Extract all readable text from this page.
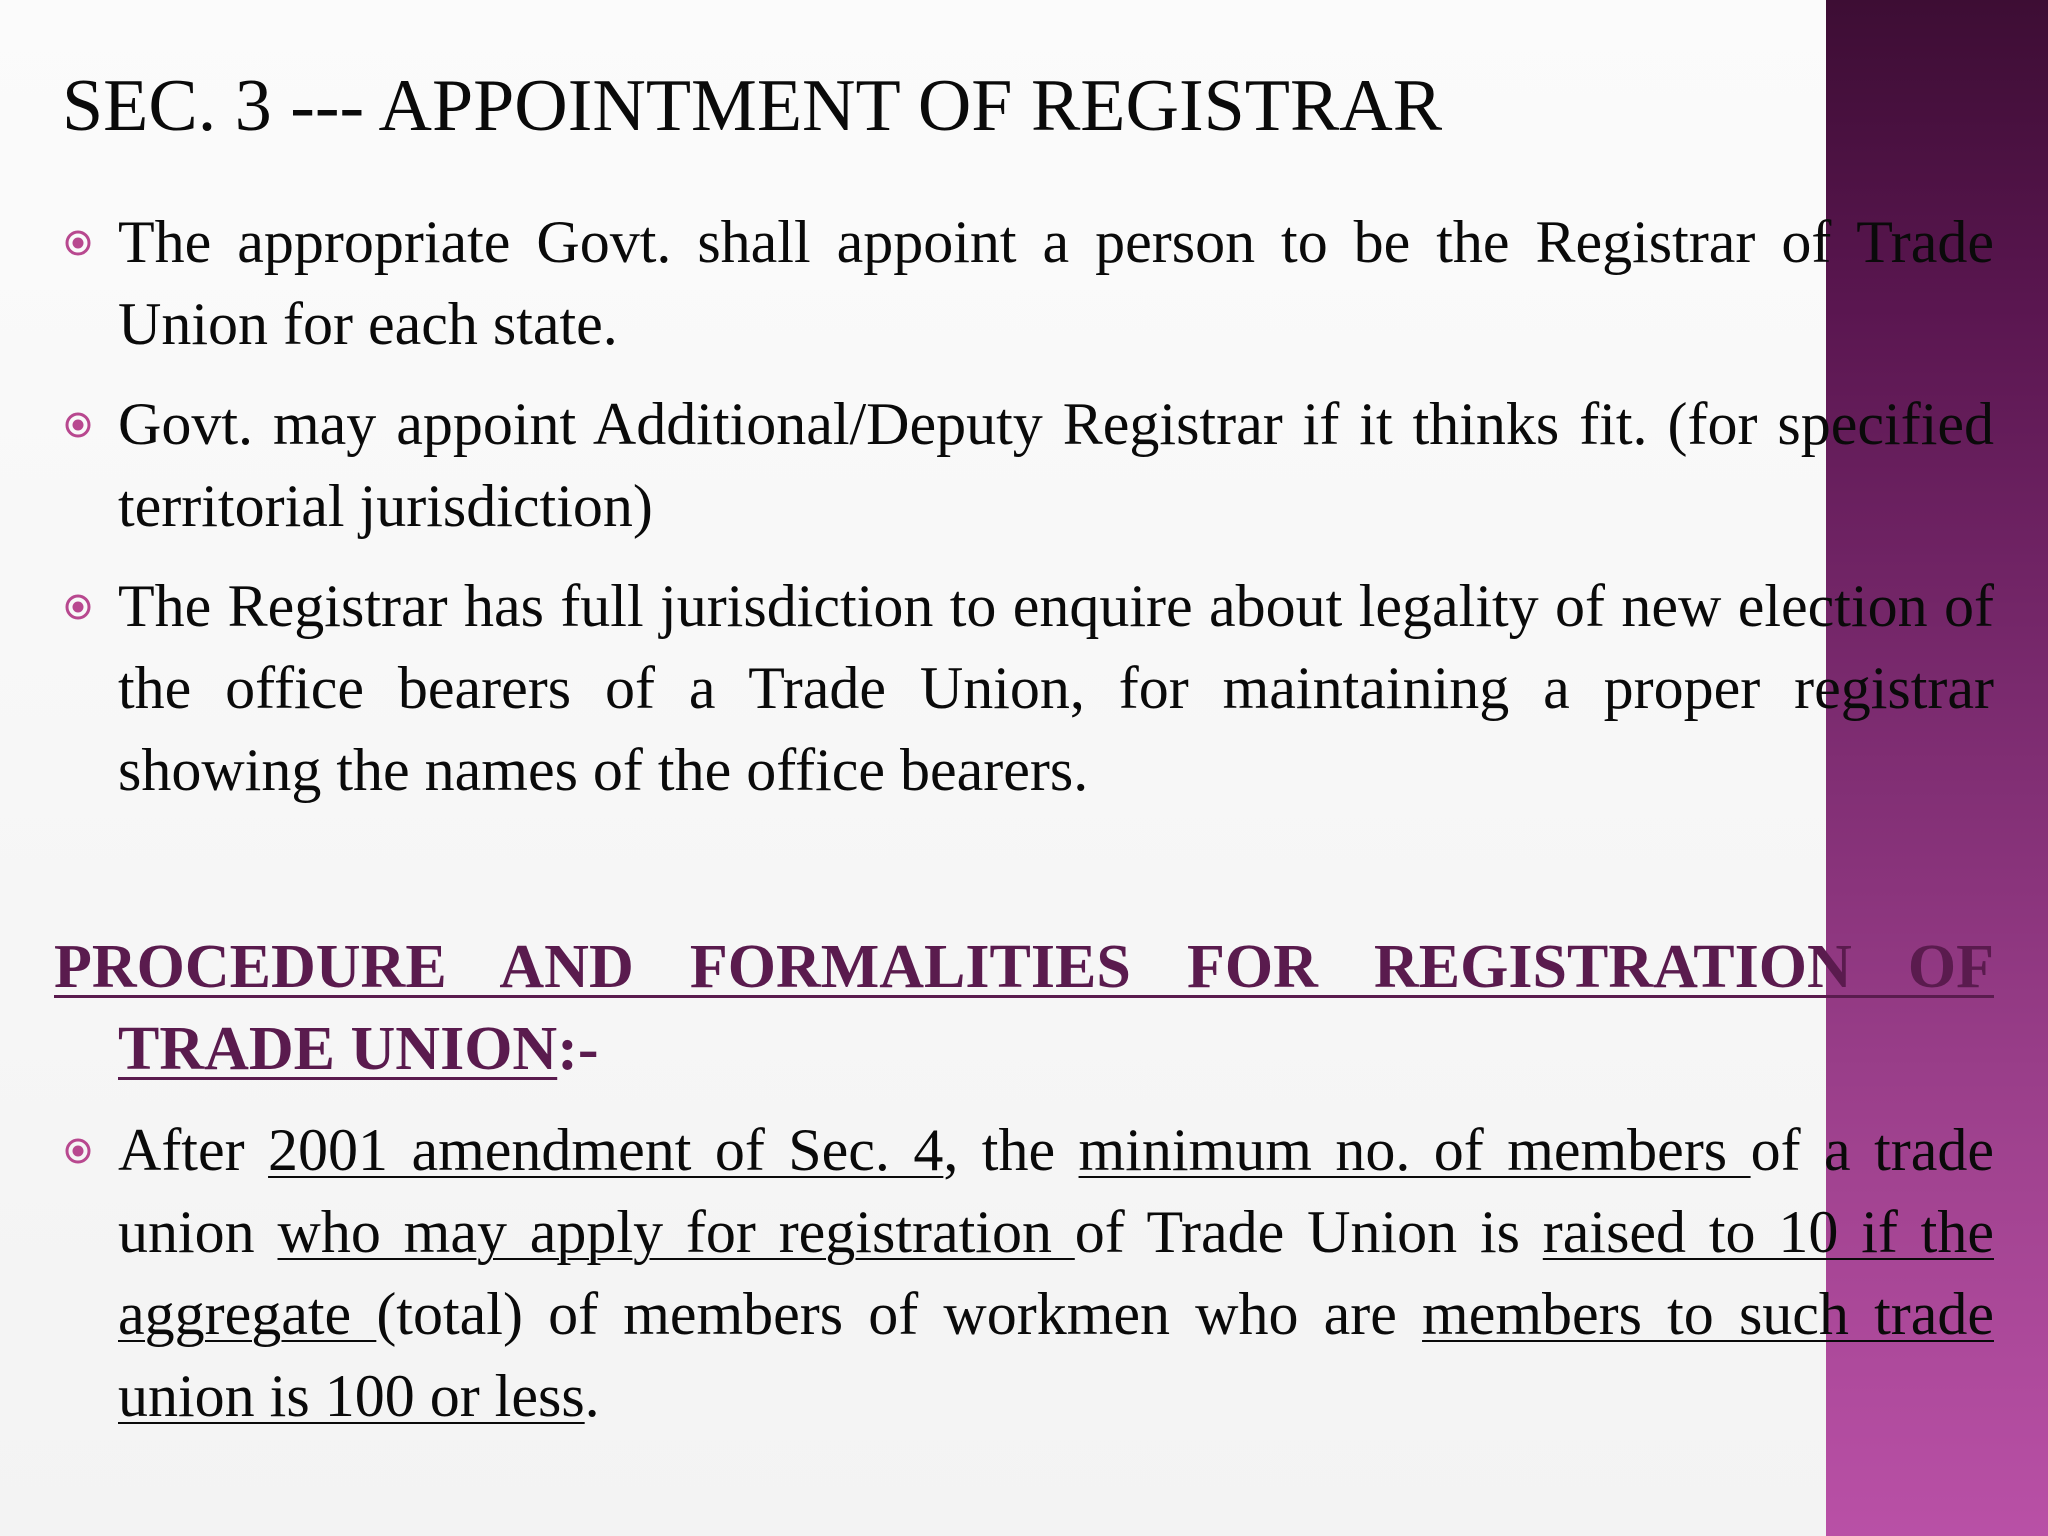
SEC. 3 --- APPOINTMENT OF REGISTRAR
The appropriate Govt. shall appoint a person to be the Registrar of Trade Union for each state.
Govt. may appoint Additional/Deputy Registrar if it thinks fit. (for specified territorial jurisdiction)
The Registrar has full jurisdiction to enquire about legality of new election of the office bearers of a Trade Union, for maintaining a proper registrar showing the names of the office bearers.
PROCEDURE AND FORMALITIES FOR REGISTRATION OF
TRADE UNION:-
After 2001 amendment of Sec. 4, the minimum no. of members of a trade union who may apply for registration of Trade Union is raised to 10 if the aggregate (total) of members of workmen who are members to such trade union is 100 or less.
